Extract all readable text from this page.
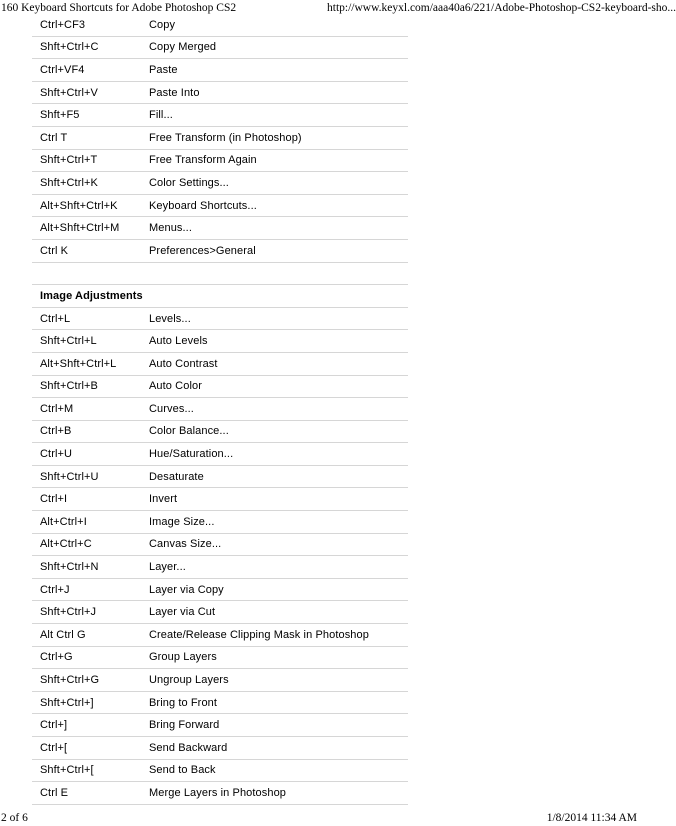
160 Keyboard Shortcuts for Adobe Photoshop CS2	http://www.keyxl.com/aaa40a6/221/Adobe-Photoshop-CS2-keyboard-sho...
Ctrl+CF3	Copy
Shft+Ctrl+C	Copy Merged
Ctrl+VF4	Paste
Shft+Ctrl+V	Paste Into
Shft+F5	Fill...
Ctrl T	Free Transform (in Photoshop)
Shft+Ctrl+T	Free Transform Again
Shft+Ctrl+K	Color Settings...
Alt+Shft+Ctrl+K	Keyboard Shortcuts...
Alt+Shft+Ctrl+M	Menus...
Ctrl K	Preferences>General
Image Adjustments
Ctrl+L	Levels...
Shft+Ctrl+L	Auto Levels
Alt+Shft+Ctrl+L	Auto Contrast
Shft+Ctrl+B	Auto Color
Ctrl+M	Curves...
Ctrl+B	Color Balance...
Ctrl+U	Hue/Saturation...
Shft+Ctrl+U	Desaturate
Ctrl+I	Invert
Alt+Ctrl+I	Image Size...
Alt+Ctrl+C	Canvas Size...
Shft+Ctrl+N	Layer...
Ctrl+J	Layer via Copy
Shft+Ctrl+J	Layer via Cut
Alt Ctrl G	Create/Release Clipping Mask in Photoshop
Ctrl+G	Group Layers
Shft+Ctrl+G	Ungroup Layers
Shft+Ctrl+]	Bring to Front
Ctrl+]	Bring Forward
Ctrl+[	Send Backward
Shft+Ctrl+[	Send to Back
Ctrl E	Merge Layers in Photoshop
2 of 6	1/8/2014 11:34 AM
